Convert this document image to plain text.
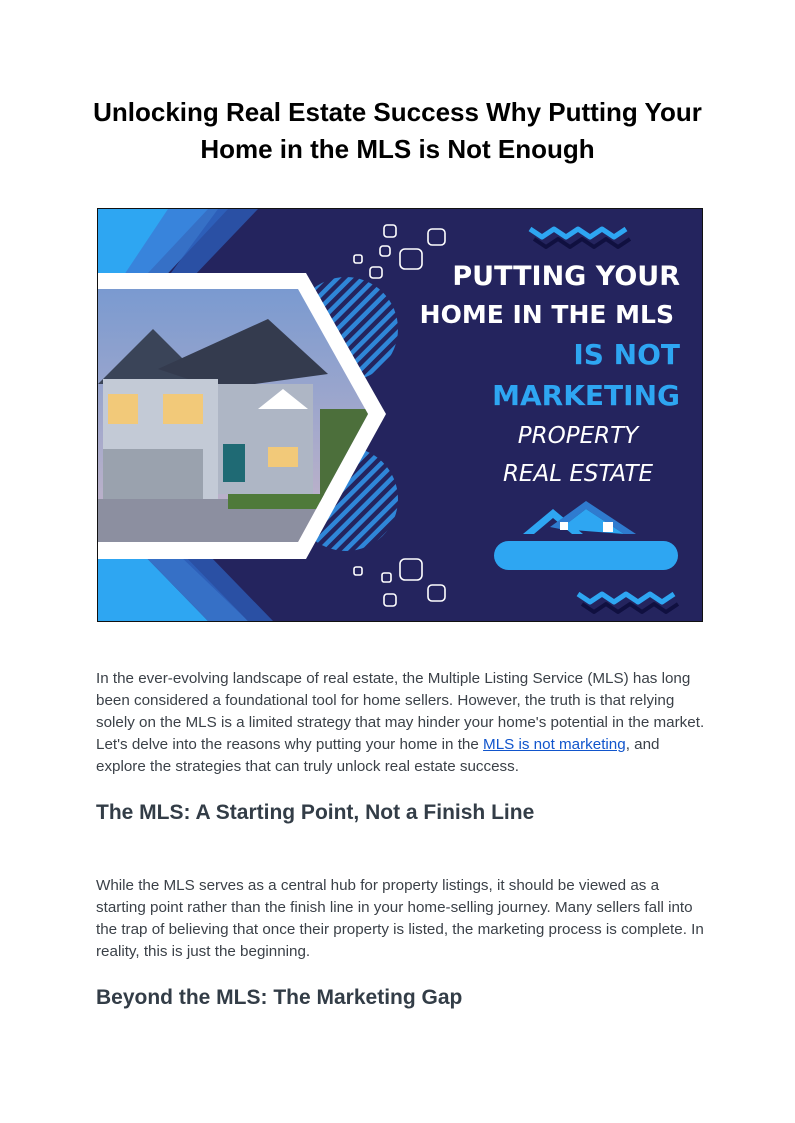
Unlocking Real Estate Success Why Putting Your Home in the MLS is Not Enough
PUTTING YOUR
HOME IN THE MLS
IS NOT
MARKETING
PROPERTY
REAL ESTATE

In the ever-evolving landscape of real estate, the Multiple Listing Service (MLS) has long been considered a foundational tool for home sellers. However, the truth is that relying solely on the MLS is a limited strategy that may hinder your home's potential in the market. Let's delve into the reasons why putting your home in the MLS is not marketing, and explore the strategies that can truly unlock real estate success.

The MLS: A Starting Point, Not a Finish Line

While the MLS serves as a central hub for property listings, it should be viewed as a starting point rather than the finish line in your home-selling journey. Many sellers fall into the trap of believing that once their property is listed, the marketing process is complete. In reality, this is just the beginning.

Beyond the MLS: The Marketing Gap
